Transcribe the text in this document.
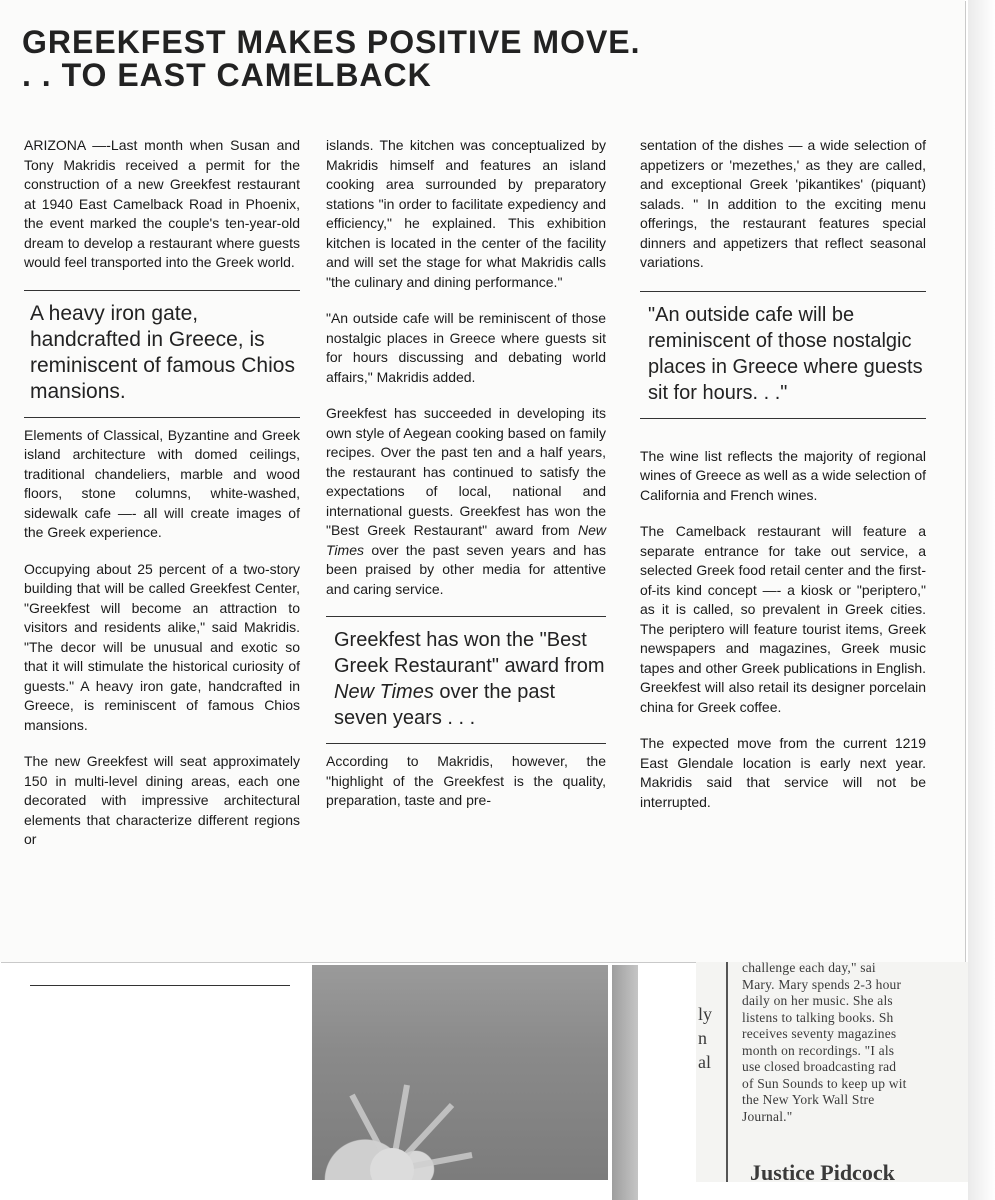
GREEKFEST MAKES POSITIVE MOVE. . . TO EAST CAMELBACK

ARIZONA —-Last month when Susan and Tony Makridis received a permit for the construction of a new Greekfest restaurant at 1940 East Camelback Road in Phoenix, the event marked the couple's ten-year-old dream to develop a restaurant where guests would feel transported into the Greek world.

A heavy iron gate, handcrafted in Greece, is reminiscent of famous Chios mansions.

Elements of Classical, Byzantine and Greek island architecture with domed ceilings, traditional chandeliers, marble and wood floors, stone columns, white-washed, sidewalk cafe —- all will create images of the Greek experience.

Occupying about 25 percent of a two-story building that will be called Greekfest Center, "Greekfest will become an attraction to visitors and residents alike," said Makridis. "The decor will be unusual and exotic so that it will stimulate the historical curiosity of guests." A heavy iron gate, handcrafted in Greece, is reminiscent of famous Chios mansions.

The new Greekfest will seat approximately 150 in multi-level dining areas, each one decorated with impressive architectural elements that characterize different regions or

islands. The kitchen was conceptualized by Makridis himself and features an island cooking area surrounded by preparatory stations "in order to facilitate expediency and efficiency," he explained. This exhibition kitchen is located in the center of the facility and will set the stage for what Makridis calls "the culinary and dining performance."

"An outside cafe will be reminiscent of those nostalgic places in Greece where guests sit for hours discussing and debating world affairs," Makridis added.

Greekfest has succeeded in developing its own style of Aegean cooking based on family recipes. Over the past ten and a half years, the restaurant has continued to satisfy the expectations of local, national and international guests. Greekfest has won the "Best Greek Restaurant" award from New Times over the past seven years and has been praised by other media for attentive and caring service.

Greekfest has won the "Best Greek Restaurant" award from New Times over the past seven years . . .

According to Makridis, however, the "highlight of the Greekfest is the quality, preparation, taste and pre-

sentation of the dishes — a wide selection of appetizers or 'mezethes,' as they are called, and exceptional Greek 'pikantikes' (piquant) salads. " In addition to the exciting menu offerings, the restaurant features special dinners and appetizers that reflect seasonal variations.

"An outside cafe will be reminiscent of those nostalgic places in Greece where guests sit for hours. . ."

The wine list reflects the majority of regional wines of Greece as well as a wide selection of California and French wines.

The Camelback restaurant will feature a separate entrance for take out service, a selected Greek food retail center and the first-of-its kind concept —- a kiosk or "periptero," as it is called, so prevalent in Greek cities. The periptero will feature tourist items, Greek newspapers and magazines, Greek music tapes and other Greek publications in English. Greekfest will also retail its designer porcelain china for Greek coffee.

The expected move from the current 1219 East Glendale location is early next year. Makridis said that service will not be interrupted.

ly
n
al
challenge each day," sai
Mary. Mary spends 2-3 hour
daily on her music. She als
listens to talking books. Sh
receives seventy magazines
month on recordings. "I als
use closed broadcasting rad
of Sun Sounds to keep up wit
the New York Wall Stre
Journal."
Justice Pidcock
